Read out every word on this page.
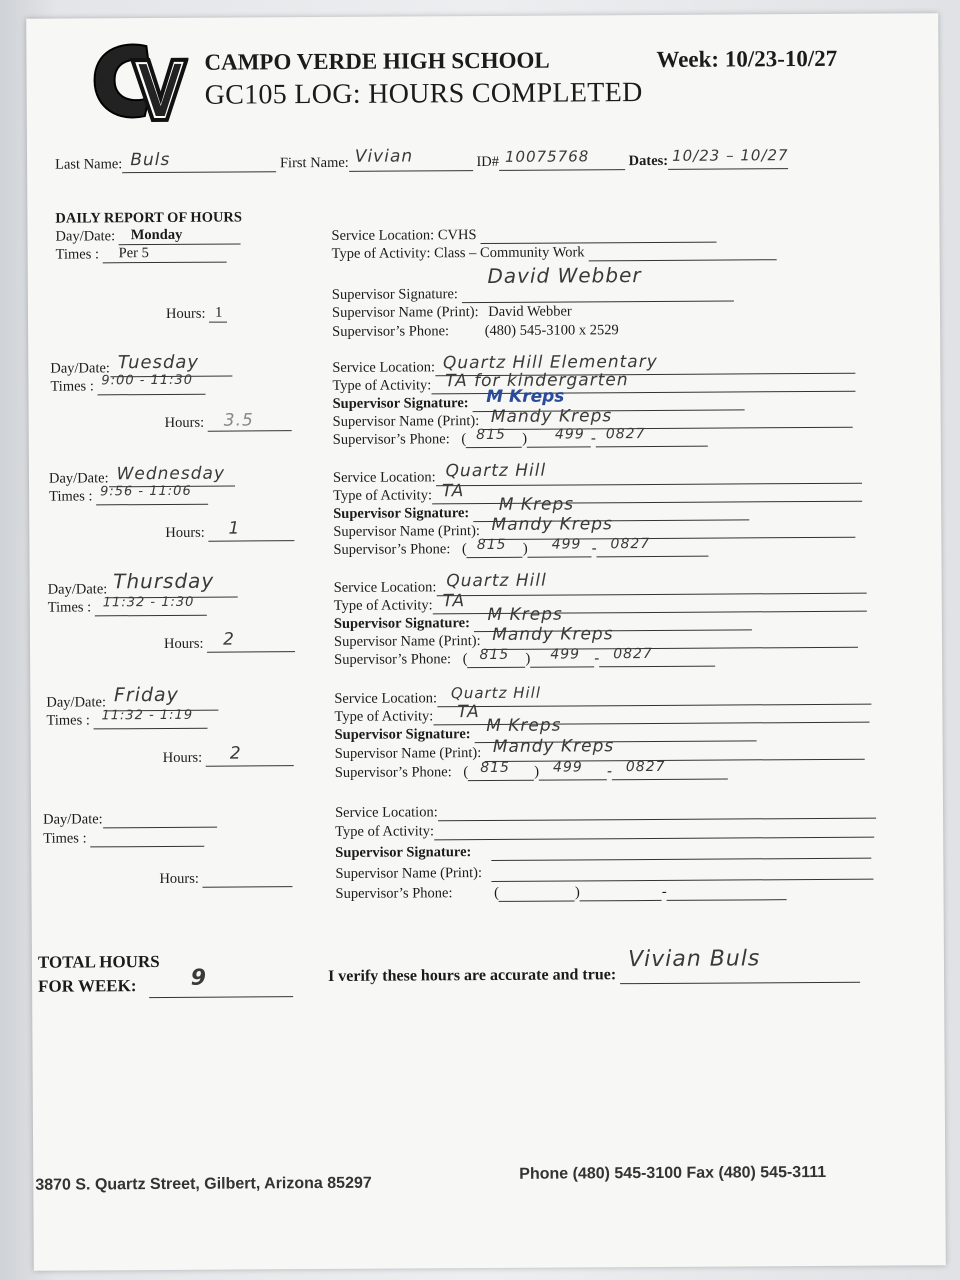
CAMPO VERDE HIGH SCHOOL	Week: 10/23-10/27
GC105 LOG: HOURS COMPLETED
Last Name: Buls	First Name: Vivian	ID# 10075768	Dates: 10/23 – 10/27
DAILY REPORT OF HOURS
Day/Date: Monday
Times : Per 5
Hours: 1
Service Location: CVHS
Type of Activity: Class – Community Work
Supervisor Signature:
David Webber
Supervisor Name (Print): David Webber
Supervisor’s Phone: (480) 545-3100 x 2529
Day/Date: Tuesday
Times : 9:00 - 11:30
Hours: 3.5
Service Location: Quartz Hill Elementary
Type of Activity: TA for kindergarten
Supervisor Signature: M Kreps
Supervisor Name (Print): Mandy Kreps
Supervisor’s Phone: ( 815 ) 499 - 0827
Day/Date: Wednesday
Times : 9:56 - 11:06
Hours: 1
Service Location: Quartz Hill
Type of Activity: TA
Supervisor Signature: M Kreps
Supervisor Name (Print): Mandy Kreps
Supervisor’s Phone: ( 815 ) 499 - 0827
Day/Date: Thursday
Times : 11:32 - 1:30
Hours: 2
Service Location: Quartz Hill
Type of Activity: TA
Supervisor Signature: M Kreps
Supervisor Name (Print): Mandy Kreps
Supervisor’s Phone: ( 815 ) 499 - 0827
Day/Date: Friday
Times : 11:32 - 1:19
Hours: 2
Service Location: Quartz Hill
Type of Activity: TA
Supervisor Signature: M Kreps
Supervisor Name (Print): Mandy Kreps
Supervisor’s Phone: ( 815 ) 499 - 0827
Day/Date:
Times :
Hours:
Service Location:
Type of Activity:
Supervisor Signature:
Supervisor Name (Print):
Supervisor’s Phone:	(	)	-
TOTAL HOURS
FOR WEEK: 9	I verify these hours are accurate and true:
Vivian Buls
3870 S. Quartz Street, Gilbert, Arizona 85297
Phone (480) 545-3100 Fax (480) 545-3111
